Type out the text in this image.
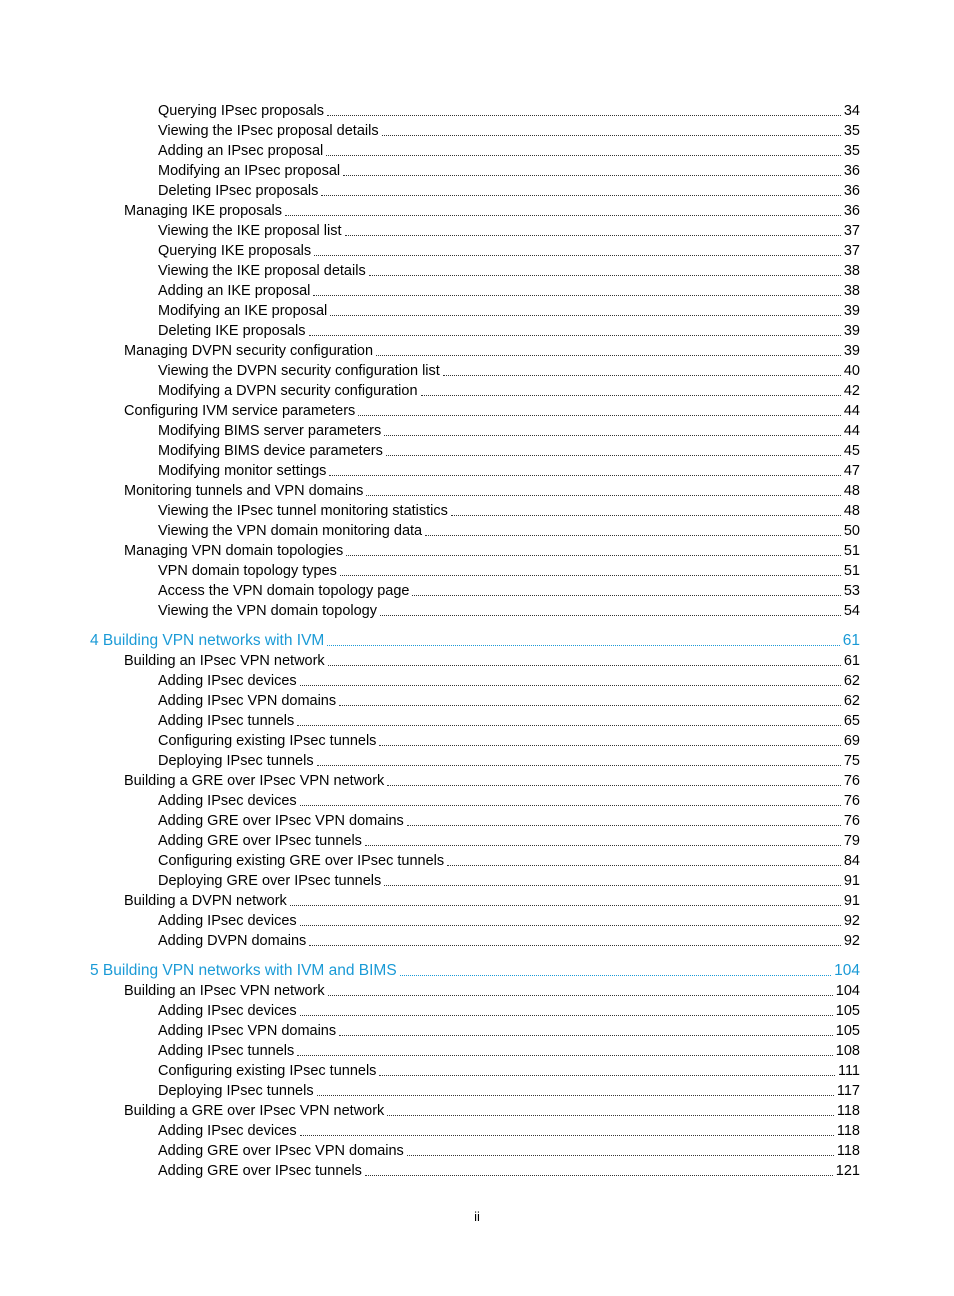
Querying IPsec proposals	34
Viewing the IPsec proposal details	35
Adding an IPsec proposal	35
Modifying an IPsec proposal	36
Deleting IPsec proposals	36
Managing IKE proposals	36
Viewing the IKE proposal list	37
Querying IKE proposals	37
Viewing the IKE proposal details	38
Adding an IKE proposal	38
Modifying an IKE proposal	39
Deleting IKE proposals	39
Managing DVPN security configuration	39
Viewing the DVPN security configuration list	40
Modifying a DVPN security configuration	42
Configuring IVM service parameters	44
Modifying BIMS server parameters	44
Modifying BIMS device parameters	45
Modifying monitor settings	47
Monitoring tunnels and VPN domains	48
Viewing the IPsec tunnel monitoring statistics	48
Viewing the VPN domain monitoring data	50
Managing VPN domain topologies	51
VPN domain topology types	51
Access the VPN domain topology page	53
Viewing the VPN domain topology	54
4 Building VPN networks with IVM	61
Building an IPsec VPN network	61
Adding IPsec devices	62
Adding IPsec VPN domains	62
Adding IPsec tunnels	65
Configuring existing IPsec tunnels	69
Deploying IPsec tunnels	75
Building a GRE over IPsec VPN network	76
Adding IPsec devices	76
Adding GRE over IPsec VPN domains	76
Adding GRE over IPsec tunnels	79
Configuring existing GRE over IPsec tunnels	84
Deploying GRE over IPsec tunnels	91
Building a DVPN network	91
Adding IPsec devices	92
Adding DVPN domains	92
5 Building VPN networks with IVM and BIMS	104
Building an IPsec VPN network	104
Adding IPsec devices	105
Adding IPsec VPN domains	105
Adding IPsec tunnels	108
Configuring existing IPsec tunnels	111
Deploying IPsec tunnels	117
Building a GRE over IPsec VPN network	118
Adding IPsec devices	118
Adding GRE over IPsec VPN domains	118
Adding GRE over IPsec tunnels	121
ii
